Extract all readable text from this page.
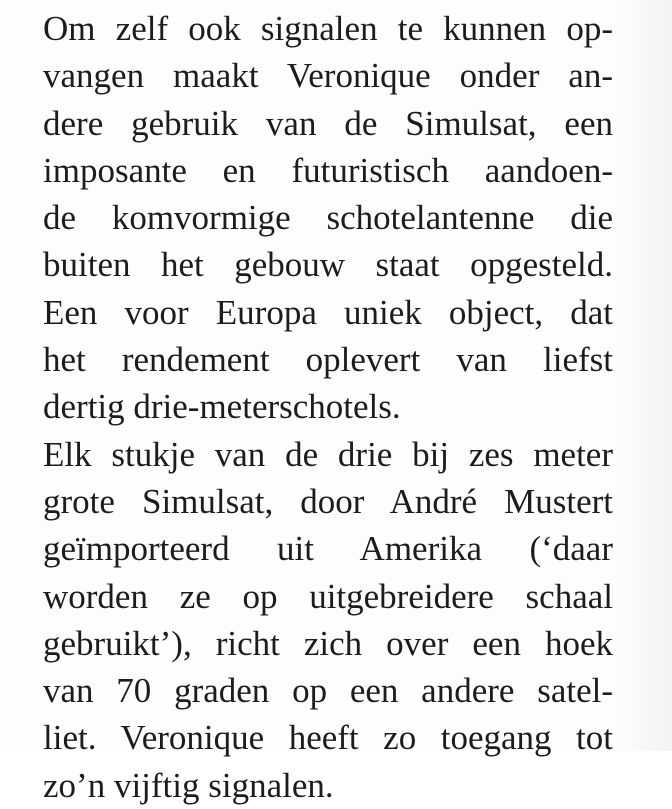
Om zelf ook signalen te kunnen op-
vangen maakt Veronique onder an-
dere gebruik van de Simulsat, een
imposante en futuristisch aandoen-
de komvormige schotelantenne die
buiten het gebouw staat opgesteld.
Een voor Europa uniek object, dat
het rendement oplevert van liefst
dertig drie-meterschotels.
Elk stukje van de drie bij zes meter
grote Simulsat, door André Mustert
geïmporteerd uit Amerika (‘daar
worden ze op uitgebreidere schaal
gebruikt’), richt zich over een hoek
van 70 graden op een andere satel-
liet. Veronique heeft zo toegang tot
zo’n vijftig signalen.
